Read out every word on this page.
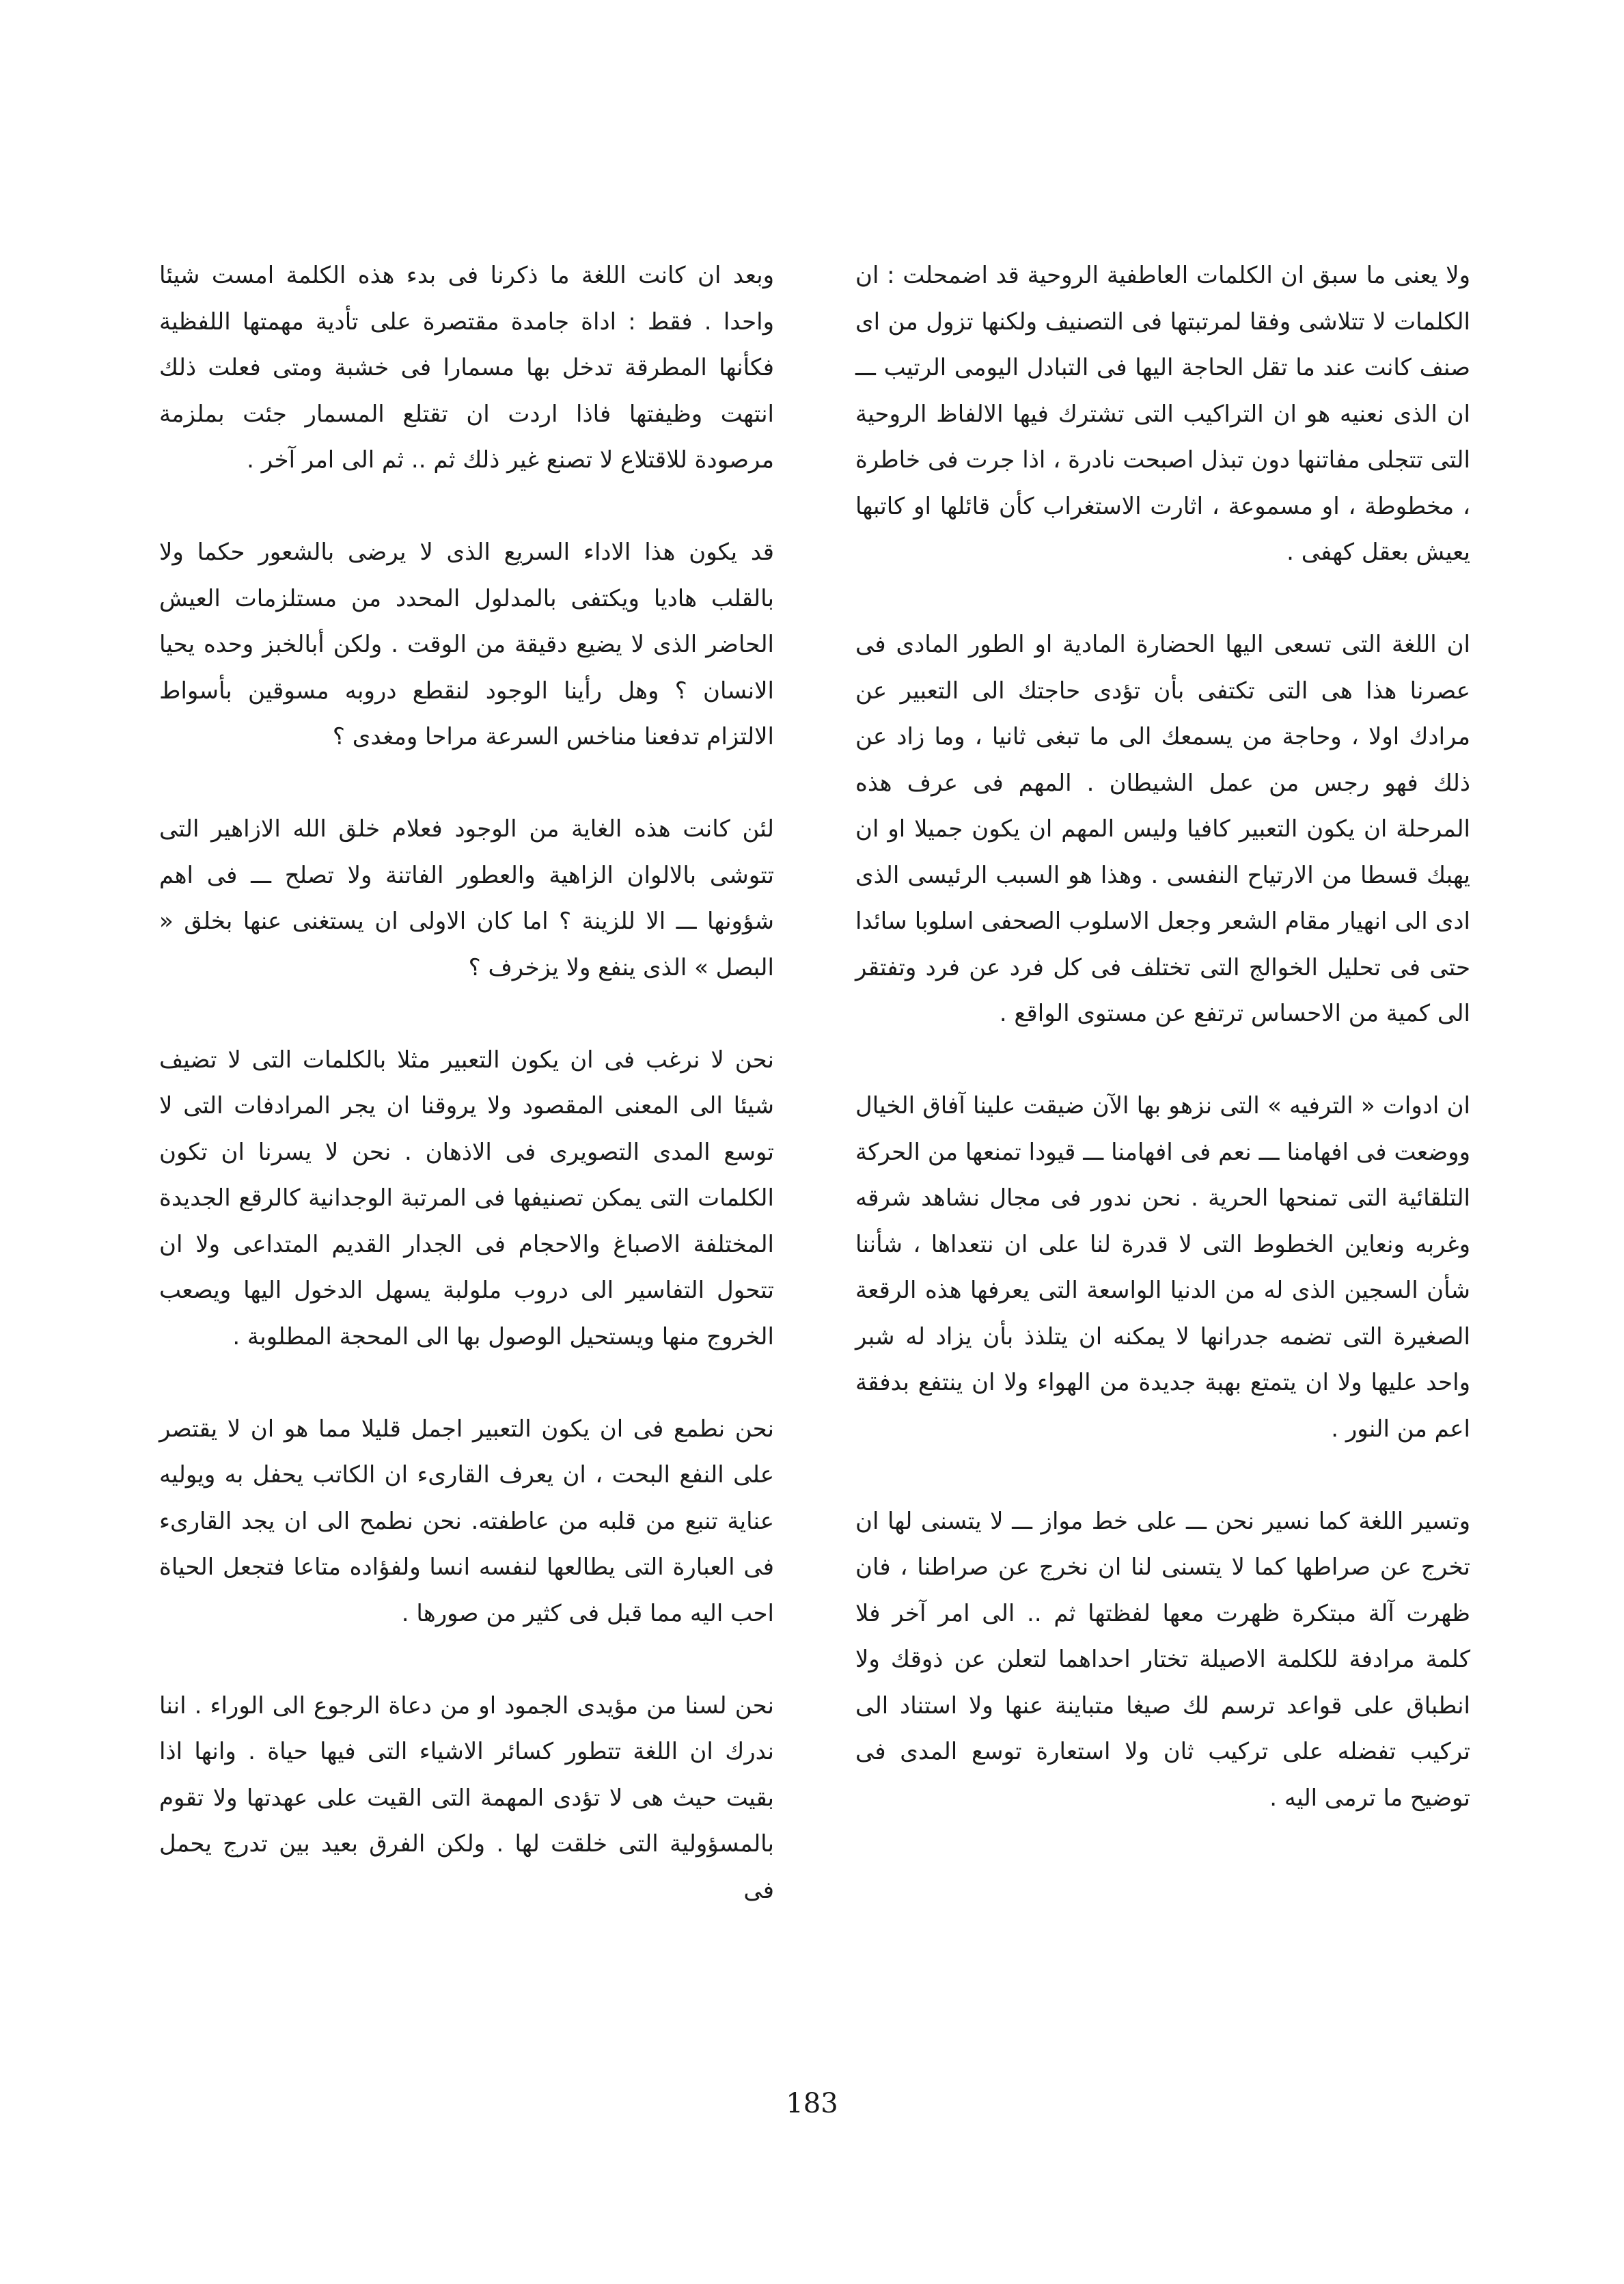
ولا يعنى ما سبق ان الكلمات العاطفية الروحية قد اضمحلت : ان الكلمات لا تتلاشى وفقا لمرتبتها فى التصنيف ولكنها تزول من اى صنف كانت عند ما تقل الحاجة اليها فى التبادل اليومى الرتيب ـــ ان الذى نعنيه هو ان التراكيب التى تشترك فيها الالفاظ الروحية التى تتجلى مفاتنها دون تبذل اصبحت نادرة ، اذا جرت فى خاطرة ، مخطوطة ، او مسموعة ، اثارت الاستغراب كأن قائلها او كاتبها يعيش بعقل كهفى .

ان اللغة التى تسعى اليها الحضارة المادية او الطور المادى فى عصرنا هذا هى التى تكتفى بأن تؤدى حاجتك الى التعبير عن مرادك اولا ، وحاجة من يسمعك الى ما تبغى ثانيا ، وما زاد عن ذلك فهو رجس من عمل الشيطان . المهم فى عرف هذه المرحلة ان يكون التعبير كافيا وليس المهم ان يكون جميلا او ان يهبك قسطا من الارتياح النفسى . وهذا هو السبب الرئيسى الذى ادى الى انهيار مقام الشعر وجعل الاسلوب الصحفى اسلوبا سائدا حتى فى تحليل الخوالج التى تختلف فى كل فرد عن فرد وتفتقر الى كمية من الاحساس ترتفع عن مستوى الواقع .

ان ادوات « الترفيه » التى نزهو بها الآن ضيقت علينا آفاق الخيال ووضعت فى افهامنا ـــ نعم فى افهامنا ـــ قيودا تمنعها من الحركة التلقائية التى تمنحها الحرية . نحن ندور فى مجال نشاهد شرقه وغربه ونعاين الخطوط التى لا قدرة لنا على ان نتعداها ، شأننا شأن السجين الذى له من الدنيا الواسعة التى يعرفها هذه الرقعة الصغيرة التى تضمه جدرانها لا يمكنه ان يتلذذ بأن يزاد له شبر واحد عليها ولا ان يتمتع بهبة جديدة من الهواء ولا ان ينتفع بدفقة اعم من النور .

وتسير اللغة كما نسير نحن ـــ على خط مواز ـــ لا يتسنى لها ان تخرج عن صراطها كما لا يتسنى لنا ان نخرج عن صراطنا ، فان ظهرت آلة مبتكرة ظهرت معها لفظتها ثم .. الى امر آخر فلا كلمة مرادفة للكلمة الاصيلة تختار احداهما لتعلن عن ذوقك ولا انطباق على قواعد ترسم لك صيغا متباينة عنها ولا استناد الى تركيب تفضله على تركيب ثان ولا استعارة توسع المدى فى توضيح ما ترمى اليه .

وبعد ان كانت اللغة ما ذكرنا فى بدء هذه الكلمة امست شيئا واحدا . فقط : اداة جامدة مقتصرة على تأدية مهمتها اللفظية فكأنها المطرقة تدخل بها مسمارا فى خشبة ومتى فعلت ذلك انتهت وظيفتها فاذا اردت ان تقتلع المسمار جئت بملزمة مرصودة للاقتلاع لا تصنع غير ذلك ثم .. ثم الى امر آخر .

قد يكون هذا الاداء السريع الذى لا يرضى بالشعور حكما ولا بالقلب هاديا ويكتفى بالمدلول المحدد من مستلزمات العيش الحاضر الذى لا يضيع دقيقة من الوقت . ولكن أبالخبز وحده يحيا الانسان ؟ وهل رأينا الوجود لنقطع دروبه مسوقين بأسواط الالتزام تدفعنا مناخس السرعة مراحا ومغدى ؟

لئن كانت هذه الغاية من الوجود فعلام خلق الله الازاهير التى تتوشى بالالوان الزاهية والعطور الفاتنة ولا تصلح ـــ فى اهم شؤونها ـــ الا للزينة ؟ اما كان الاولى ان يستغنى عنها بخلق « البصل » الذى ينفع ولا يزخرف ؟

نحن لا نرغب فى ان يكون التعبير مثلا بالكلمات التى لا تضيف شيئا الى المعنى المقصود ولا يروقنا ان يجر المرادفات التى لا توسع المدى التصويرى فى الاذهان . نحن لا يسرنا ان تكون الكلمات التى يمكن تصنيفها فى المرتبة الوجدانية كالرقع الجديدة المختلفة الاصباغ والاحجام فى الجدار القديم المتداعى ولا ان تتحول التفاسير الى دروب ملولبة يسهل الدخول اليها ويصعب الخروج منها ويستحيل الوصول بها الى المحجة المطلوبة .

نحن نطمع فى ان يكون التعبير اجمل قليلا مما هو ان لا يقتصر على النفع البحت ، ان يعرف القارىء ان الكاتب يحفل به ويوليه عناية تنبع من قلبه من عاطفته. نحن نطمح الى ان يجد القارىء فى العبارة التى يطالعها لنفسه انسا ولفؤاده متاعا فتجعل الحياة احب اليه مما قبل فى كثير من صورها .

نحن لسنا من مؤيدى الجمود او من دعاة الرجوع الى الوراء . اننا ندرك ان اللغة تتطور كسائر الاشياء التى فيها حياة . وانها اذا بقيت حيث هى لا تؤدى المهمة التى القيت على عهدتها ولا تقوم بالمسؤولية التى خلقت لها . ولكن الفرق بعيد بين تدرج يحمل فى

183
